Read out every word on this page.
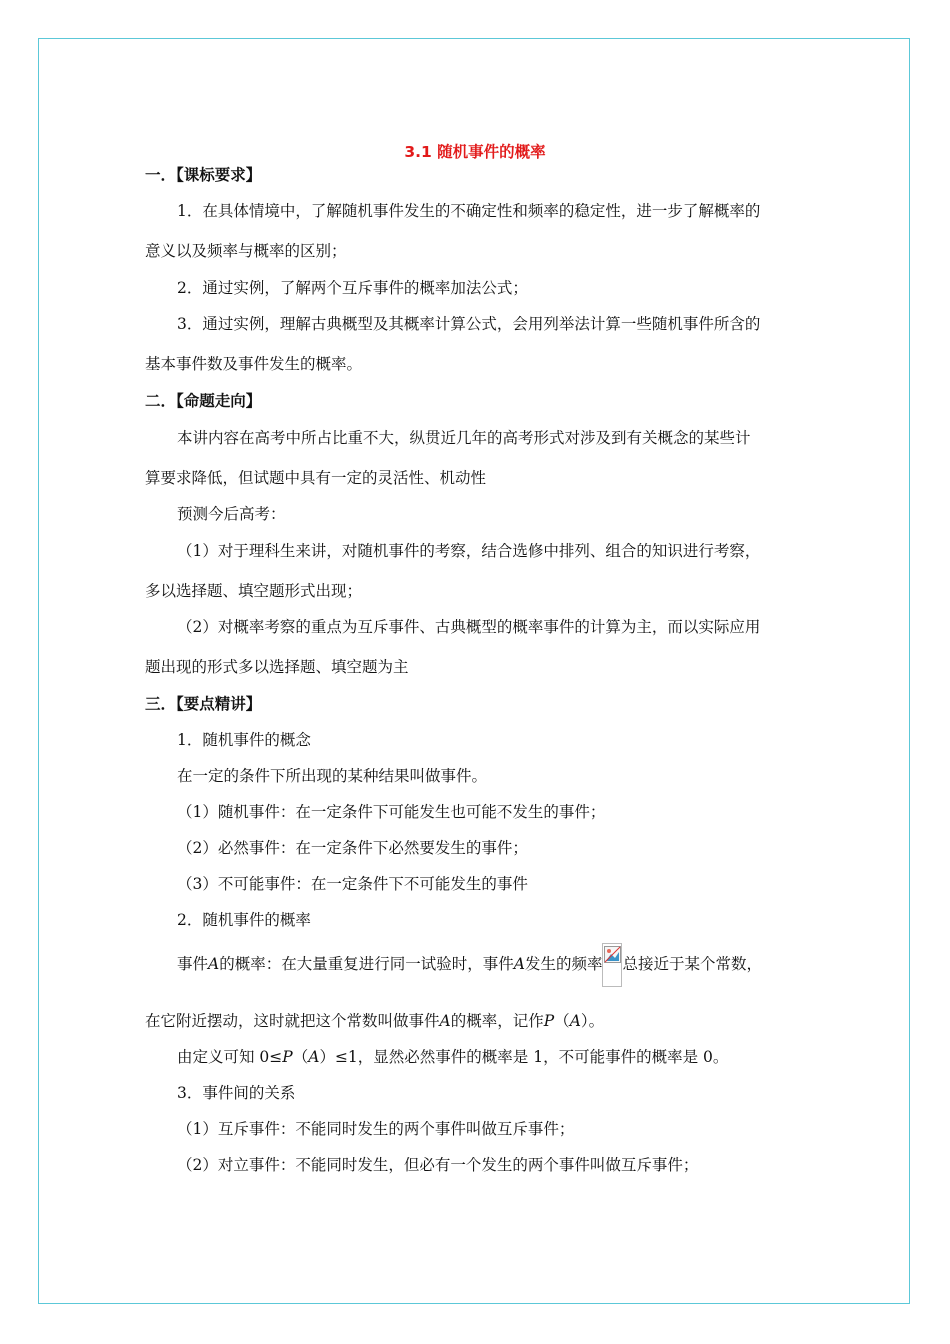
3.1 随机事件的概率
一．【课标要求】
1．在具体情境中，了解随机事件发生的不确定性和频率的稳定性，进一步了解概率的
意义以及频率与概率的区别；
2．通过实例，了解两个互斥事件的概率加法公式；
3．通过实例，理解古典概型及其概率计算公式，会用列举法计算一些随机事件所含的
基本事件数及事件发生的概率。
二．【命题走向】
本讲内容在高考中所占比重不大，纵贯近几年的高考形式对涉及到有关概念的某些计
算要求降低，但试题中具有一定的灵活性、机动性
预测今后高考：
（1）对于理科生来讲，对随机事件的考察，结合选修中排列、组合的知识进行考察，
多以选择题、填空题形式出现；
（2）对概率考察的重点为互斥事件、古典概型的概率事件的计算为主，而以实际应用
题出现的形式多以选择题、填空题为主
三．【要点精讲】
1．随机事件的概念
在一定的条件下所出现的某种结果叫做事件。
（1）随机事件：在一定条件下可能发生也可能不发生的事件；
（2）必然事件：在一定条件下必然要发生的事件；
（3）不可能事件：在一定条件下不可能发生的事件
2．随机事件的概率
事件A的概率：在大量重复进行同一试验时，事件A发生的频率 总接近于某个常数，
在它附近摆动，这时就把这个常数叫做事件A的概率，记作P（A）。
由定义可知 0≤P（A）≤1，显然必然事件的概率是 1，不可能事件的概率是 0。
3．事件间的关系
（1）互斥事件：不能同时发生的两个事件叫做互斥事件；
（2）对立事件：不能同时发生，但必有一个发生的两个事件叫做互斥事件；
